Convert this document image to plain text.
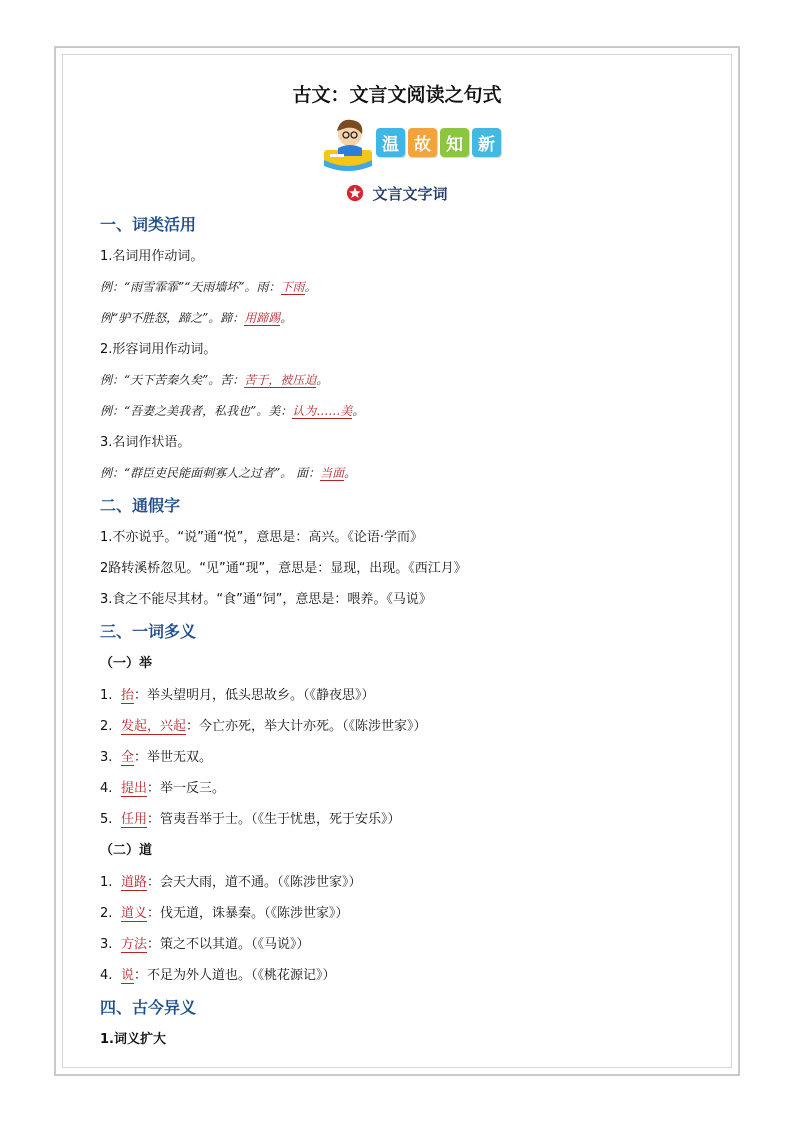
古文：文言文阅读之句式
温 故 知 新
文言文字词
一、词类活用
1.名词用作动词。
例：“雨雪霏霏”“天雨墙坏”。雨：下雨。
例“驴不胜怒，蹄之”。蹄：用蹄踢。
2.形容词用作动词。
例：“天下苦秦久矣”。苦：苦于，被压迫。
例：“吾妻之美我者，私我也”。美：认为……美。
3.名词作状语。
例：“群臣吏民能面刺寡人之过者”。 面：当面。
二、通假字
1.不亦说乎。“说”通“悦”，意思是：高兴。《论语·学而》
2路转溪桥忽见。“见”通“现”，意思是：显现，出现。《西江月》
3.食之不能尽其材。“食”通“饲”，意思是：喂养。《马说》
三、一词多义
（一）举
1. 抬：举头望明月，低头思故乡。（《静夜思》）
2. 发起，兴起：今亡亦死，举大计亦死。（《陈涉世家》）
3. 全：举世无双。
4. 提出：举一反三。
5. 任用：管夷吾举于士。（《生于忧患，死于安乐》）
（二）道
1. 道路：会天大雨，道不通。（《陈涉世家》）
2. 道义：伐无道，诛暴秦。（《陈涉世家》）
3. 方法：策之不以其道。（《马说》）
4. 说：不足为外人道也。（《桃花源记》）
四、古今异义
1.词义扩大
